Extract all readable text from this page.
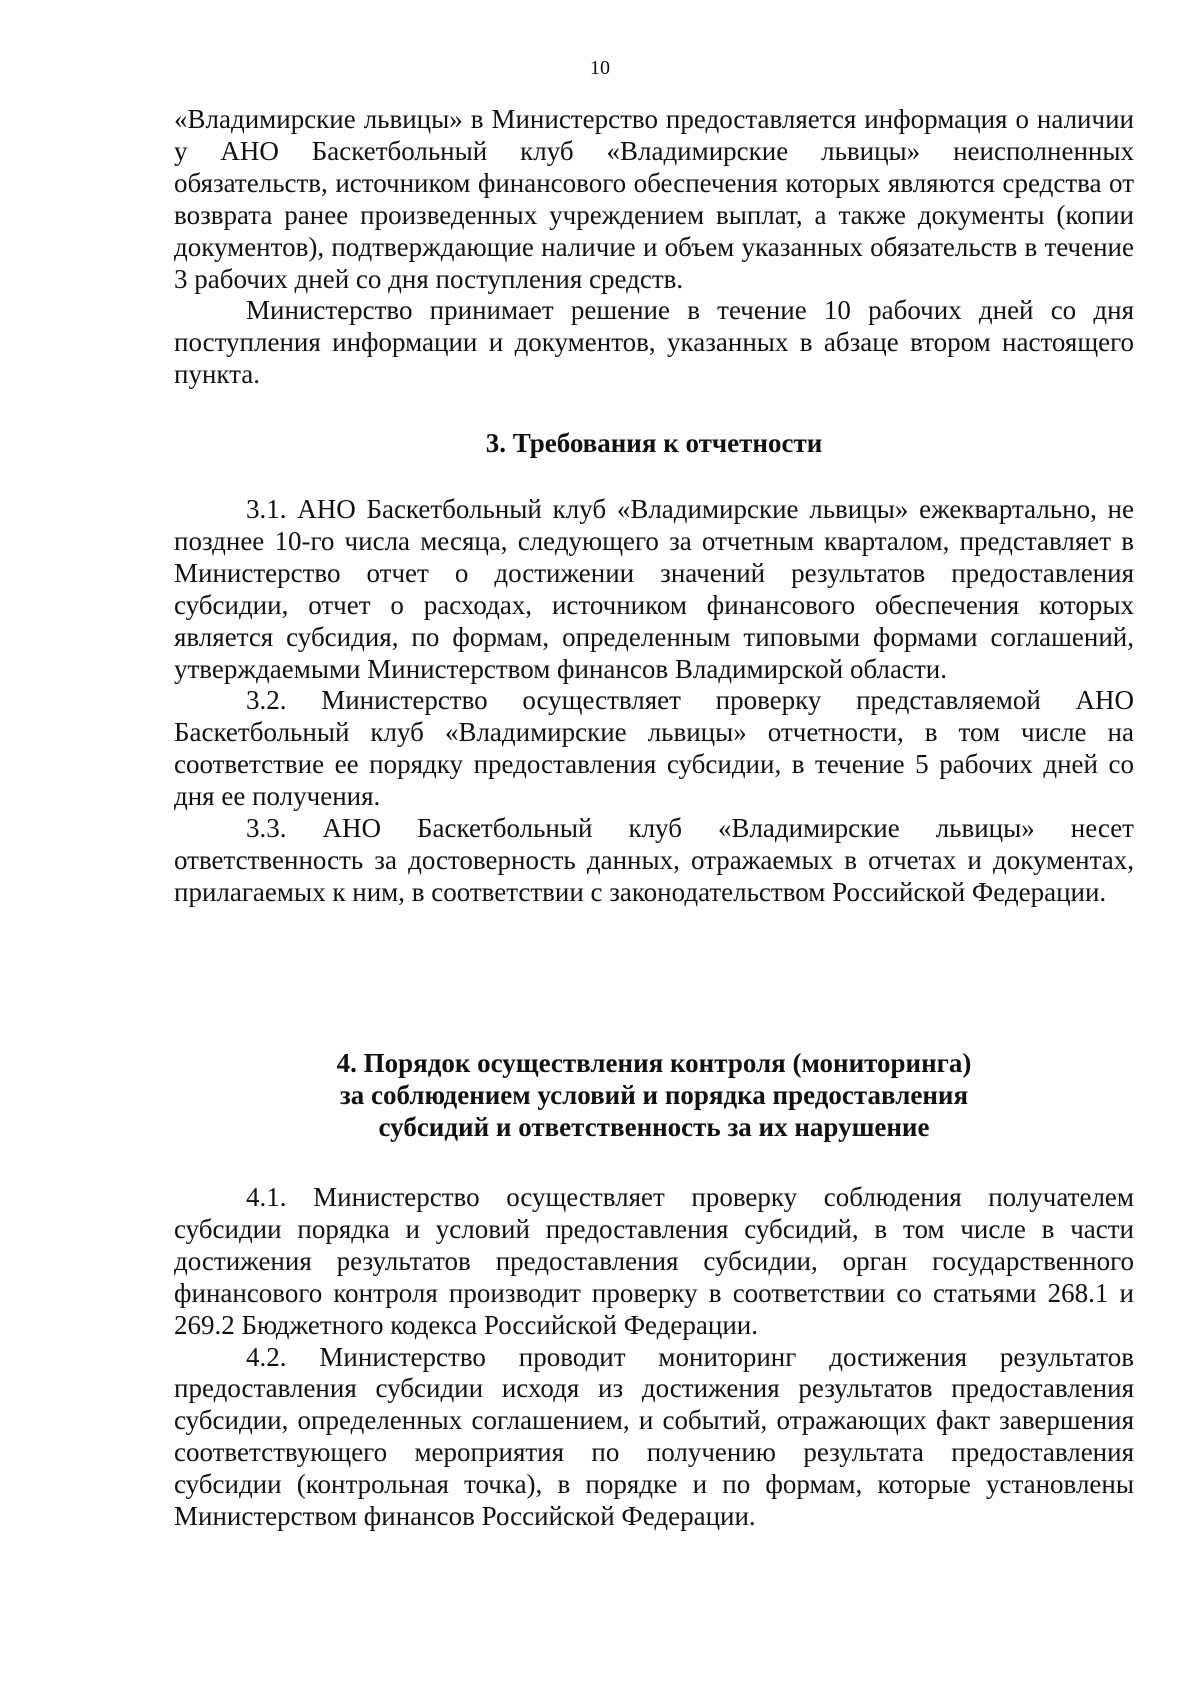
10

«Владимирские львицы» в Министерство предоставляется информация о наличии у АНО Баскетбольный клуб «Владимирские львицы» неисполненных обязательств, источником финансового обеспечения которых являются средства от возврата ранее произведенных учреждением выплат, а также документы (копии документов), подтверждающие наличие и объем указанных обязательств в течение 3 рабочих дней со дня поступления средств.

Министерство принимает решение в течение 10 рабочих дней со дня поступления информации и документов, указанных в абзаце втором настоящего пункта.

3. Требования к отчетности

3.1. АНО Баскетбольный клуб «Владимирские львицы» ежеквартально, не позднее 10-го числа месяца, следующего за отчетным кварталом, представляет в Министерство отчет о достижении значений результатов предоставления субсидии, отчет о расходах, источником финансового обеспечения которых является субсидия, по формам, определенным типовыми формами соглашений, утверждаемыми Министерством финансов Владимирской области.

3.2. Министерство осуществляет проверку представляемой АНО Баскетбольный клуб «Владимирские львицы» отчетности, в том числе на соответствие ее порядку предоставления субсидии, в течение 5 рабочих дней со дня ее получения.

3.3. АНО Баскетбольный клуб «Владимирские львицы» несет ответственность за достоверность данных, отражаемых в отчетах и документах, прилагаемых к ним, в соответствии с законодательством Российской Федерации.

4. Порядок осуществления контроля (мониторинга)
за соблюдением условий и порядка предоставления
субсидий и ответственность за их нарушение

4.1. Министерство осуществляет проверку соблюдения получателем субсидии порядка и условий предоставления субсидий, в том числе в части достижения результатов предоставления субсидии, орган государственного финансового контроля производит проверку в соответствии со статьями 268.1 и 269.2 Бюджетного кодекса Российской Федерации.

4.2. Министерство проводит мониторинг достижения результатов предоставления субсидии исходя из достижения результатов предоставления субсидии, определенных соглашением, и событий, отражающих факт завершения соответствующего мероприятия по получению результата предоставления субсидии (контрольная точка), в порядке и по формам, которые установлены Министерством финансов Российской Федерации.
